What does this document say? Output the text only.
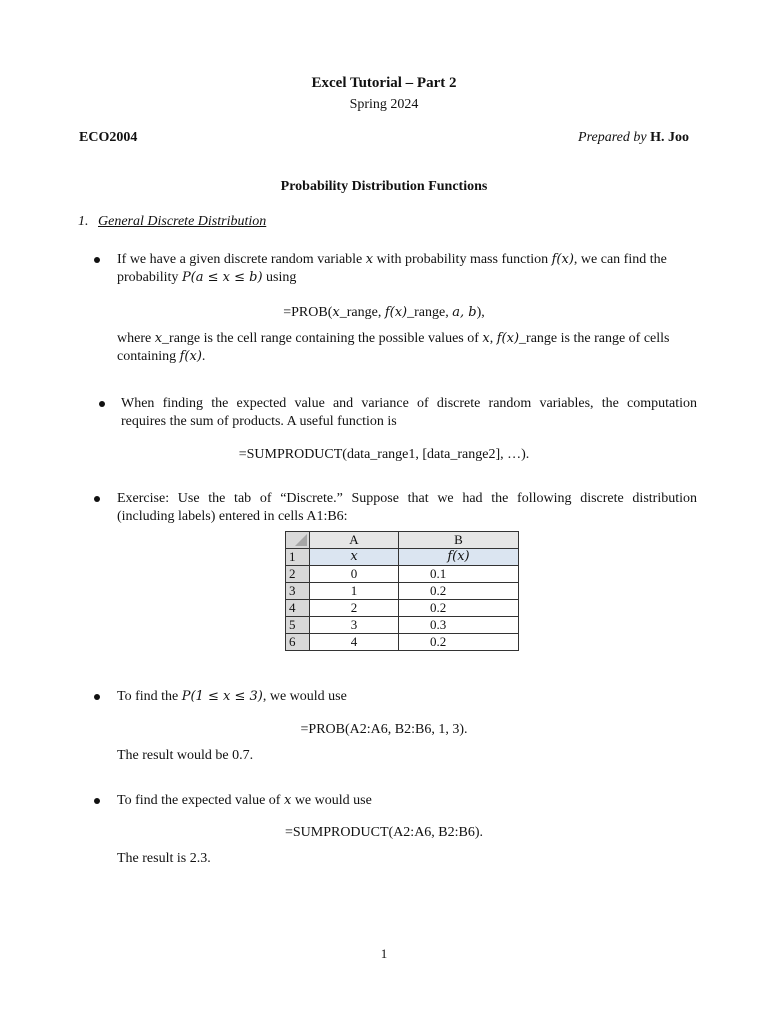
Excel Tutorial – Part 2
Spring 2024
ECO2004	Prepared by H. Joo
Probability Distribution Functions
1. General Discrete Distribution
If we have a given discrete random variable x with probability mass function f(x), we can find the
probability P(a ≤ x ≤ b) using
=PROB(x_range, f(x)_range, a, b),
where x_range is the cell range containing the possible values of x, f(x)_range is the range of cells
containing f(x).
When finding the expected value and variance of discrete random variables, the computation
requires the sum of products. A useful function is
=SUMPRODUCT(data_range1, [data_range2], …).
Exercise: Use the tab of “Discrete.” Suppose that we had the following discrete distribution
(including labels) entered in cells A1:B6:
	A	B
1	x	f(x)
2	0	0.1
3	1	0.2
4	2	0.2
5	3	0.3
6	4	0.2
To find the P(1 ≤ x ≤ 3), we would use
=PROB(A2:A6, B2:B6, 1, 3).
The result would be 0.7.
To find the expected value of x we would use
=SUMPRODUCT(A2:A6, B2:B6).
The result is 2.3.
1
